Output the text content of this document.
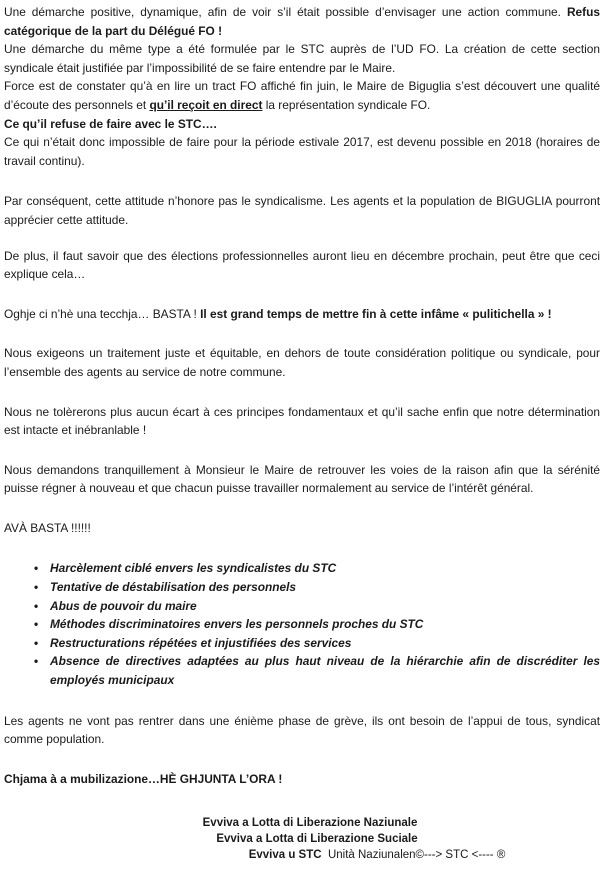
Une démarche positive, dynamique, afin de voir s’il était possible d’envisager une action commune. Refus catégorique de la part du Délégué FO !

Une démarche du même type a été formulée par le STC auprès de l’UD FO. La création de cette section syndicale était justifiée par l’impossibilité de se faire entendre par le Maire.

Force est de constater qu’à en lire un tract FO affiché fin juin, le Maire de Biguglia s’est découvert une qualité d’écoute des personnels et qu’il reçoit en direct la représentation syndicale FO.

Ce qu’il refuse de faire avec le STC….

Ce qui n’était donc impossible de faire pour la période estivale 2017, est devenu possible en 2018 (horaires de travail continu).

Par conséquent, cette attitude n’honore pas le syndicalisme. Les agents et la population de BIGUGLIA pourront apprécier cette attitude.

De plus, il faut savoir que des élections professionnelles auront lieu en décembre prochain, peut être que ceci explique cela…

Oghje ci n’hè una tecchja… BASTA ! Il est grand temps de mettre fin à cette infâme « pulitichella » !

Nous exigeons un traitement juste et équitable, en dehors de toute considération politique ou syndicale, pour l’ensemble des agents au service de notre commune.

Nous ne tolèrerons plus aucun écart à ces principes fondamentaux et qu’il sache enfin que notre détermination est intacte et inébranlable !

Nous demandons tranquillement à Monsieur le Maire de retrouver les voies de la raison afin que la sérénité puisse régner à nouveau et que chacun puisse travailler normalement au service de l’intérêt général.

AVÀ BASTA !!!!!!

• Harcèlement ciblé envers les syndicalistes du STC
• Tentative de déstabilisation des personnels
• Abus de pouvoir du maire
• Méthodes discriminatoires envers les personnels proches du STC
• Restructurations répétées et injustifiées des services
• Absence de directives adaptées au plus haut niveau de la hiérarchie afin de discréditer les employés municipaux

Les agents ne vont pas rentrer dans une énième phase de grève, ils ont besoin de l’appui de tous, syndicat comme population.

Chjama à a mubilizazione…HÈ GHJUNTA L’ORA !

Evviva a Lotta di Liberazione Naziunale
Evviva a Lotta di Liberazione Suciale
Evviva u STC Unità Naziunalen©---> STC <---- ®
